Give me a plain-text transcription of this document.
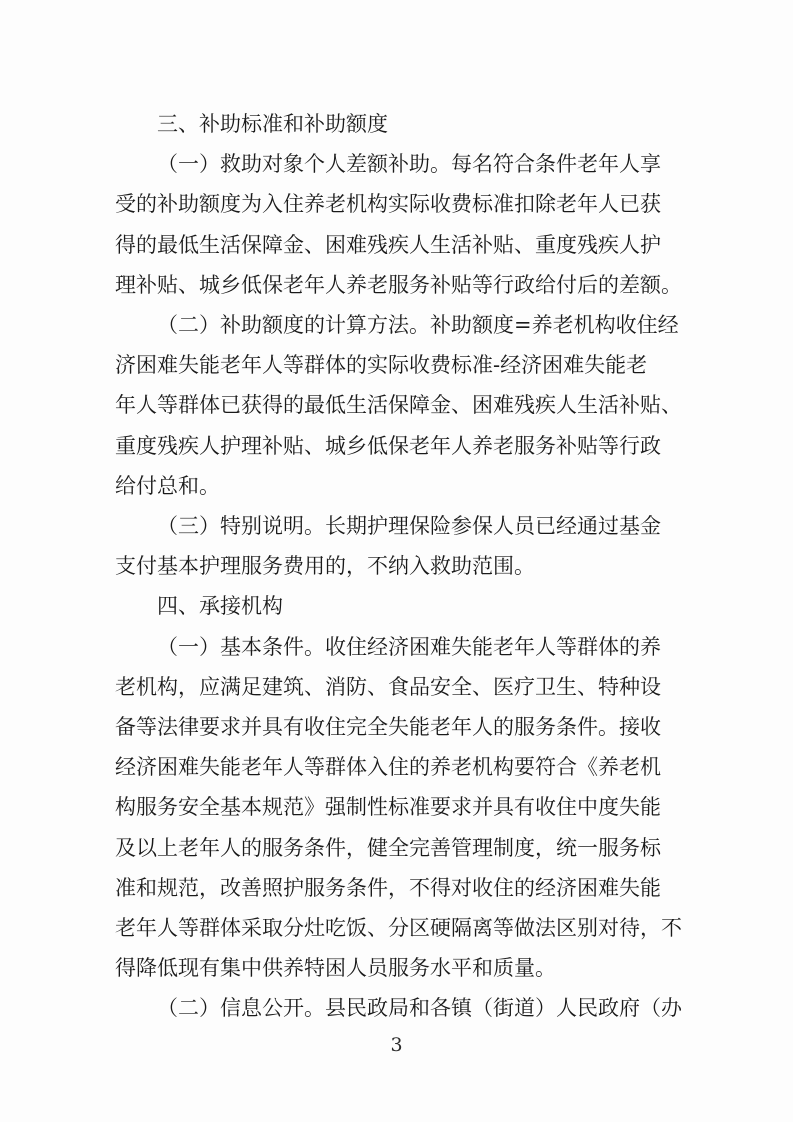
三、补助标准和补助额度
（一）救助对象个人差额补助。每名符合条件老年人享
受的补助额度为入住养老机构实际收费标准扣除老年人已获
得的最低生活保障金、困难残疾人生活补贴、重度残疾人护
理补贴、城乡低保老年人养老服务补贴等行政给付后的差额。
（二）补助额度的计算方法。补助额度=养老机构收住经
济困难失能老年人等群体的实际收费标准-经济困难失能老
年人等群体已获得的最低生活保障金、困难残疾人生活补贴、
重度残疾人护理补贴、城乡低保老年人养老服务补贴等行政
给付总和。
（三）特别说明。长期护理保险参保人员已经通过基金
支付基本护理服务费用的，不纳入救助范围。
四、承接机构
（一）基本条件。收住经济困难失能老年人等群体的养
老机构，应满足建筑、消防、食品安全、医疗卫生、特种设
备等法律要求并具有收住完全失能老年人的服务条件。接收
经济困难失能老年人等群体入住的养老机构要符合《养老机
构服务安全基本规范》强制性标准要求并具有收住中度失能
及以上老年人的服务条件，健全完善管理制度，统一服务标
准和规范，改善照护服务条件，不得对收住的经济困难失能
老年人等群体采取分灶吃饭、分区硬隔离等做法区别对待，不
得降低现有集中供养特困人员服务水平和质量。
（二）信息公开。县民政局和各镇（街道）人民政府（办
3
